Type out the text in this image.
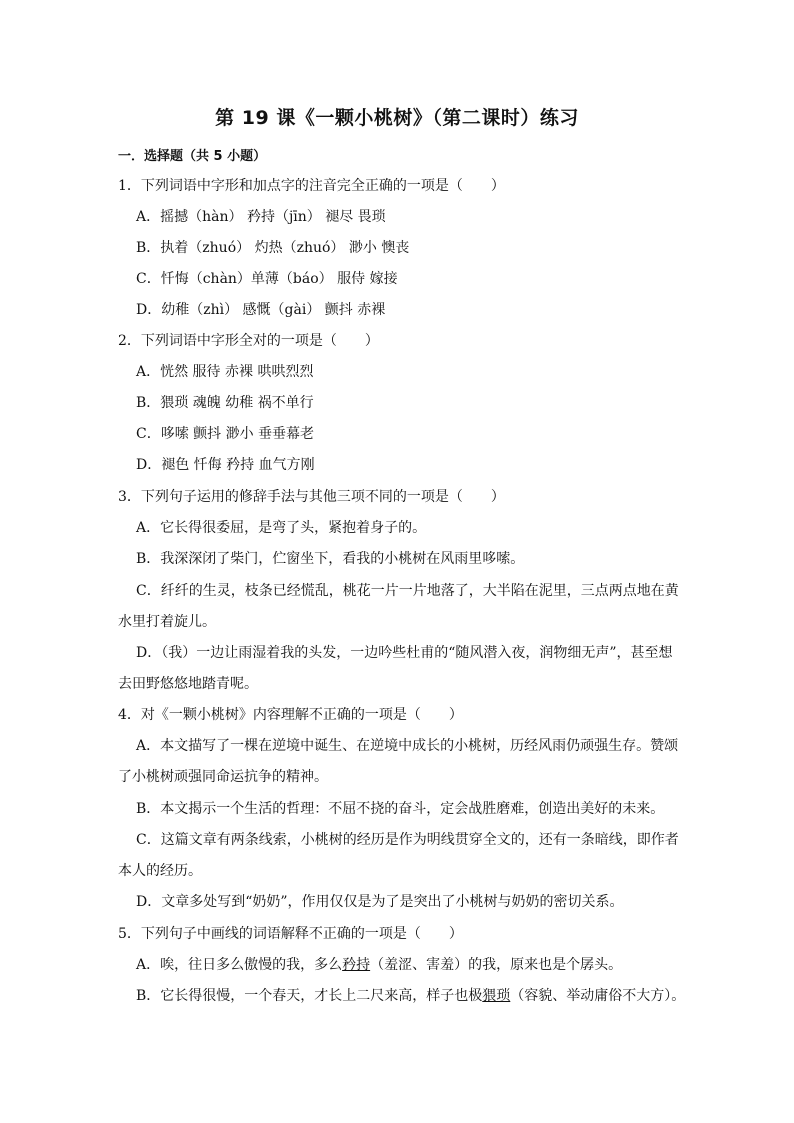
第 19 课《一颗小桃树》（第二课时）练习
一．选择题（共 5 小题）
1．下列词语中字形和加点字的注音完全正确的一项是（　　）
A．摇撼（hàn） 矜持（jīn） 褪尽 畏琐
B．执着（zhuó） 灼热（zhuó） 渺小 懊丧
C．忏悔（chàn）单薄（báo） 服侍 嫁接
D．幼稚（zhì） 感慨（gài） 颤抖 赤裸
2．下列词语中字形全对的一项是（　　）
A．恍然 服待 赤裸 哄哄烈烈
B．猥琐 魂魄 幼稚 祸不单行
C．哆嗦 颤抖 渺小 垂垂幕老
D．褪色 忏侮 矜持 血气方刚
3．下列句子运用的修辞手法与其他三项不同的一项是（　　）
A．它长得很委屈，是弯了头，紧抱着身子的。
B．我深深闭了柴门，伫窗坐下，看我的小桃树在风雨里哆嗦。
C．纤纤的生灵，枝条已经慌乱，桃花一片一片地落了，大半陷在泥里，三点两点地在黄
水里打着旋儿。
D．（我）一边让雨湿着我的头发，一边吟些杜甫的“随风潜入夜，润物细无声”，甚至想
去田野悠悠地踏青呢。
4．对《一颗小桃树》内容理解不正确的一项是（　　）
A．本文描写了一棵在逆境中诞生、在逆境中成长的小桃树，历经风雨仍顽强生存。赞颂
了小桃树顽强同命运抗争的精神。
B．本文揭示一个生活的哲理：不屈不挠的奋斗，定会战胜磨难，创造出美好的未来。
C．这篇文章有两条线索，小桃树的经历是作为明线贯穿全文的，还有一条暗线，即作者
本人的经历。
D．文章多处写到“奶奶”，作用仅仅是为了是突出了小桃树与奶奶的密切关系。
5．下列句子中画线的词语解释不正确的一项是（　　）
A．唉，往日多么傲慢的我，多么矜持（羞涩、害羞）的我，原来也是个孱头。
B．它长得很慢，一个春天，才长上二尺来高，样子也极猥琐（容貌、举动庸俗不大方）。
